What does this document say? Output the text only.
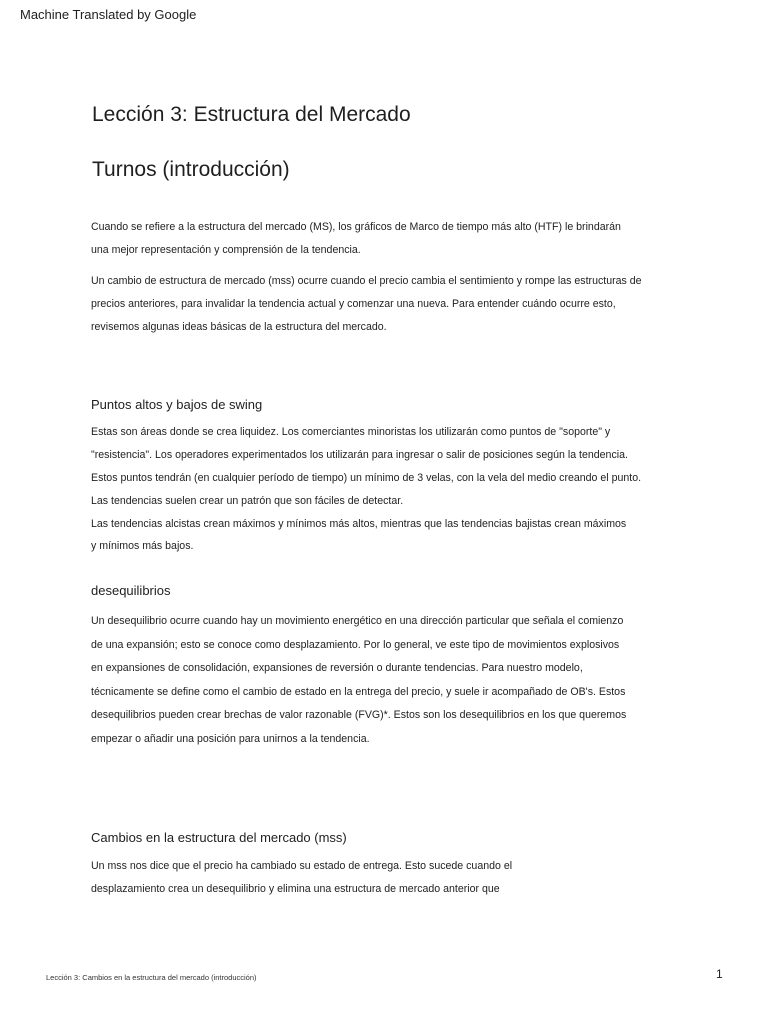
Machine Translated by Google
Lección 3: Estructura del Mercado
Turnos (introducción)
Cuando se refiere a la estructura del mercado (MS), los gráficos de Marco de tiempo más alto (HTF) le brindarán
una mejor representación y comprensión de la tendencia.
Un cambio de estructura de mercado (mss) ocurre cuando el precio cambia el sentimiento y rompe las estructuras de
precios anteriores, para invalidar la tendencia actual y comenzar una nueva. Para entender cuándo ocurre esto,
revisemos algunas ideas básicas de la estructura del mercado.
Puntos altos y bajos de swing
Estas son áreas donde se crea liquidez. Los comerciantes minoristas los utilizarán como puntos de "soporte" y
"resistencia". Los operadores experimentados los utilizarán para ingresar o salir de posiciones según la tendencia.
Estos puntos tendrán (en cualquier período de tiempo) un mínimo de 3 velas, con la vela del medio creando el punto.
Las tendencias suelen crear un patrón que son fáciles de detectar.
Las tendencias alcistas crean máximos y mínimos más altos, mientras que las tendencias bajistas crean máximos
y mínimos más bajos.
desequilibrios
Un desequilibrio ocurre cuando hay un movimiento energético en una dirección particular que señala el comienzo
de una expansión; esto se conoce como desplazamiento. Por lo general, ve este tipo de movimientos explosivos
en expansiones de consolidación, expansiones de reversión o durante tendencias. Para nuestro modelo,
técnicamente se define como el cambio de estado en la entrega del precio, y suele ir acompañado de OB's. Estos
desequilibrios pueden crear brechas de valor razonable (FVG)*. Estos son los desequilibrios en los que queremos
empezar o añadir una posición para unirnos a la tendencia.
Cambios en la estructura del mercado (mss)
Un mss nos dice que el precio ha cambiado su estado de entrega. Esto sucede cuando el
desplazamiento crea un desequilibrio y elimina una estructura de mercado anterior que
Lección 3: Cambios en la estructura del mercado (introducción)	1
